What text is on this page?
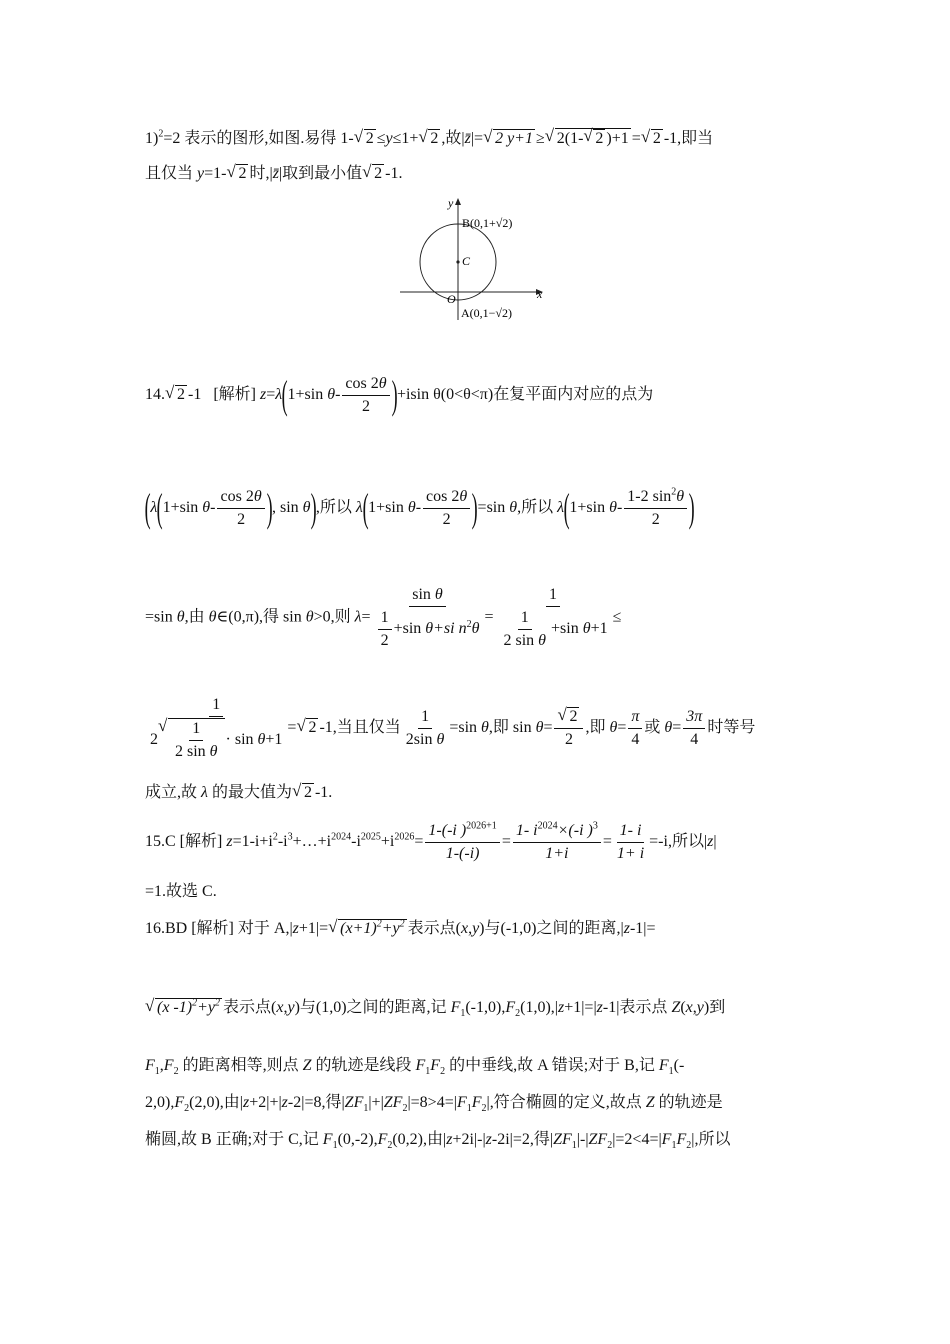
1)$^2$=2 表示的图形,如图.易得 1-√ 2 ≤y≤1+√ 2 ,故|z̄|=√ 2 y+1 ≥√ 2(1-√ 2 )+1 =√ 2 -1,即当
且仅当 y=1-√ 2 时,|z̄|取到最小值√ 2 -1.
x
y
O
C
B(0,1+√2)
A(0,1−√2)
14.√ 2 -1 [解析] z=λ(1+sin $\theta- \frac{\cos 2\theta}{2} )+isin$ θ(0<θ<π)在复平面内对应的点为
(λ(1+sin $\theta- \frac{\cos 2\theta}{2}$ ), sin θ),所以 λ(1+sin $\theta- \frac{\cos 2\theta}{2} )=\sin$ θ,所以 λ(1+sin $\theta- \frac{1-2 \sin^2\theta}{2}$ )
=sin θ,由 θ∈(0,π),得 sin θ>0,则 $\lambda= \frac{\text{sin θ}}{\frac{1}{2} +\sin \theta+si n^2\theta} = \frac{1}{\frac{1}{\text{2 sin θ}} +\sin \theta+1}$ ≤
1
2
√ $\frac{1}{\text{2 sin θ}} \cdot \sin \theta+1$ =√ 2 -1,当且仅当 $\frac{1}{\text{2sin θ}} =\sin$ θ,即 sin θ=
√ $\frac{2}{2}$ ,即 $\theta= \frac{\pi}{4}$ 或 $\theta= \frac{3\pi}{4}$ 时等号
成立,故 λ 的最大值为√ 2 -1.
15.C [解析] $z=1-i+i^2-i^3+\dots+i^{2024}-i^{2025}+i^{2026}= \frac{1-(-i )^{2026+1}}{1-(-i)} = \frac{1- i^{2024}\times(-i )^3}{1+i} = \frac{1- i}{1+ i} =-i$,所以|z|
=1.故选 C.
16.BD [解析] 对于 A,|z+1|=√ $(x+1)^2+y^2$ 表示点(x,y)与(-1,0)之间的距离,|z-1|=
√ (x $-1)^2+y^2$ 表示点(x,y)与(1,0)之间的距离,记 $F_1(-1,0),F_2(1,0),|z+1|=|z-1|$表示点 Z(x,y)到
$F_1,F_2$ 的距离相等,则点 Z 的轨迹是线段 $F_1F_2$ 的中垂线,故 A 错误;对于 B,记 $F_1(-$
$2,0),F_2(2,0)$,由|z+2|+|z-2|=8,得$|ZF_1|+|ZF_2|=8>4=|F_1F_2|$,符合椭圆的定义,故点 Z 的轨迹是
椭圆,故 B 正确;对于 C,记 $F_1(0,-2),F_2(0,2)$,由|z+2i|-|z-2i|=2,得$|ZF_1|-|ZF_2|=2<4=|F_1F_2|$,所以
